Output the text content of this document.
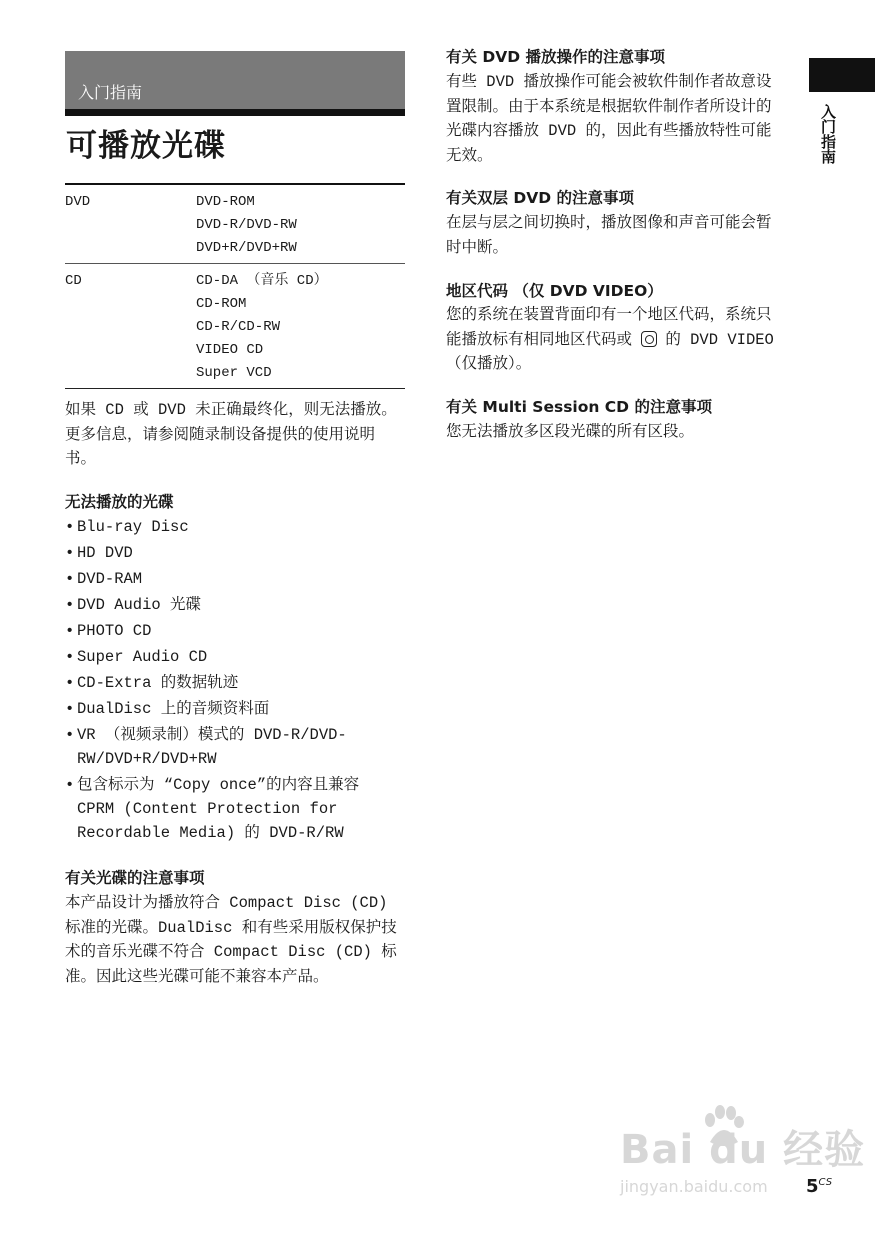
入门指南
可播放光碟
DVD	DVD-ROM
DVD-R/DVD-RW
DVD+R/DVD+RW
CD	CD-DA （音乐 CD）
CD-ROM
CD-R/CD-RW
VIDEO CD
Super VCD

如果 CD 或 DVD 未正确最终化，则无法播放。更多信息，请参阅随录制设备提供的使用说明书。

无法播放的光碟
• Blu-ray Disc
• HD DVD
• DVD-RAM
• DVD Audio 光碟
• PHOTO CD
• Super Audio CD
• CD-Extra 的数据轨迹
• DualDisc 上的音频资料面
• VR （视频录制）模式的 DVD-R/DVD-RW/DVD+R/DVD+RW
• 包含标示为 “Copy once”的内容且兼容 CPRM (Content Protection for Recordable Media) 的 DVD-R/RW
有关光碟的注意事项

本产品设计为播放符合 Compact Disc (CD) 标准的光碟。DualDisc 和有些采用版权保护技术的音乐光碟不符合 Compact Disc (CD) 标准。因此这些光碟可能不兼容本产品。

有关 DVD 播放操作的注意事项

有些 DVD 播放操作可能会被软件制作者故意设置限制。由于本系统是根据软件制作者所设计的光碟内容播放 DVD 的，因此有些播放特性可能无效。

有关双层 DVD 的注意事项

在层与层之间切换时，播放图像和声音可能会暂时中断。

地区代码 （仅 DVD VIDEO）
您的系统在装置背面印有一个地区代码，系统只能播放标有相同地区代码或 的 DVD VIDEO （仅播放）。
有关 Multi Session CD 的注意事项

您无法播放多区段光碟的所有区段。

入门指南
Bai du 经验
jingyan.baidu.com	$5^{CS}$
